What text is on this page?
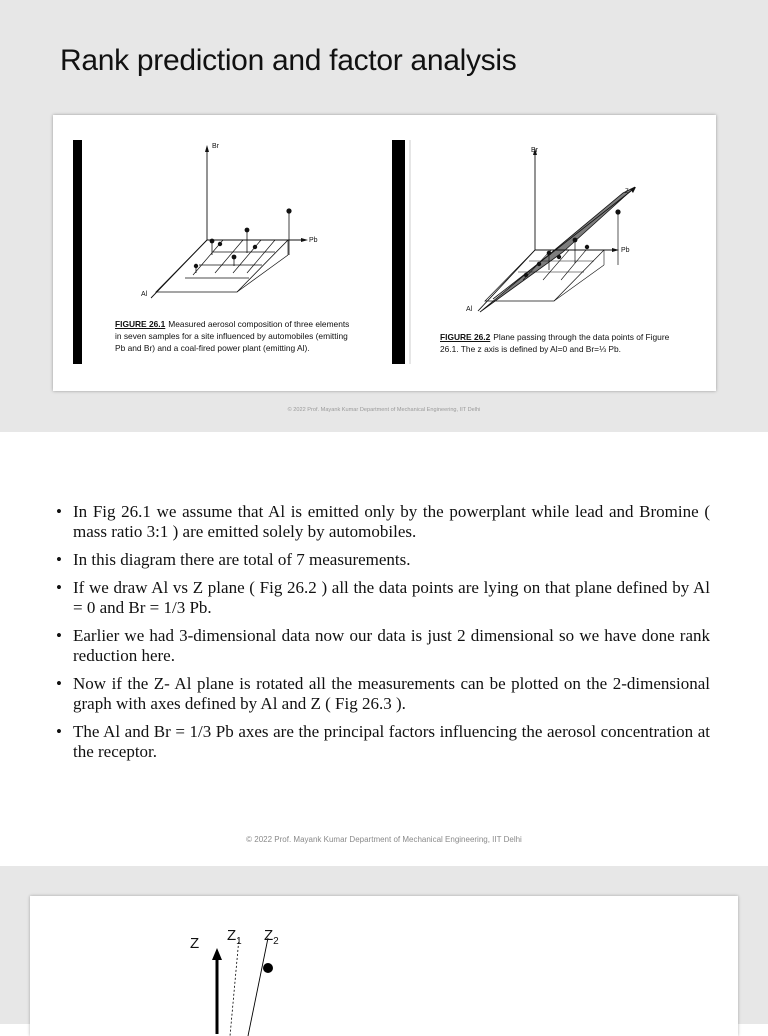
Rank prediction and factor analysis
Br
Pb
Al
Br
Pb
Al
Z
FIGURE 26.1 Measured aerosol composition of three elements in seven samples for a site influenced by automobiles (emitting Pb and Br) and a coal-fired power plant (emitting Al).
FIGURE 26.2 Plane passing through the data points of Figure 26.1. The z axis is defined by Al=0 and Br=⅓ Pb.
© 2022 Prof. Mayank Kumar Department of Mechanical Engineering, IIT Delhi
• In Fig 26.1 we assume that Al is emitted only by the powerplant while lead and Bromine ( mass ratio 3:1 ) are emitted solely by automobiles.
• In this diagram there are total of 7 measurements.
• If we draw Al vs Z plane ( Fig 26.2 ) all the data points are lying on that plane defined by Al = 0 and Br = 1/3 Pb.
• Earlier we had 3-dimensional data now our data is just 2 dimensional so we have done rank reduction here.
• Now if the Z- Al plane is rotated all the measurements can be plotted on the 2-dimensional graph with axes defined by Al and Z ( Fig 26.3 ).
• The Al and Br = 1/3 Pb axes are the principal factors influencing the aerosol concentration at the receptor.
© 2022 Prof. Mayank Kumar Department of Mechanical Engineering, IIT Delhi
Z $Z_1$ $Z_2$
